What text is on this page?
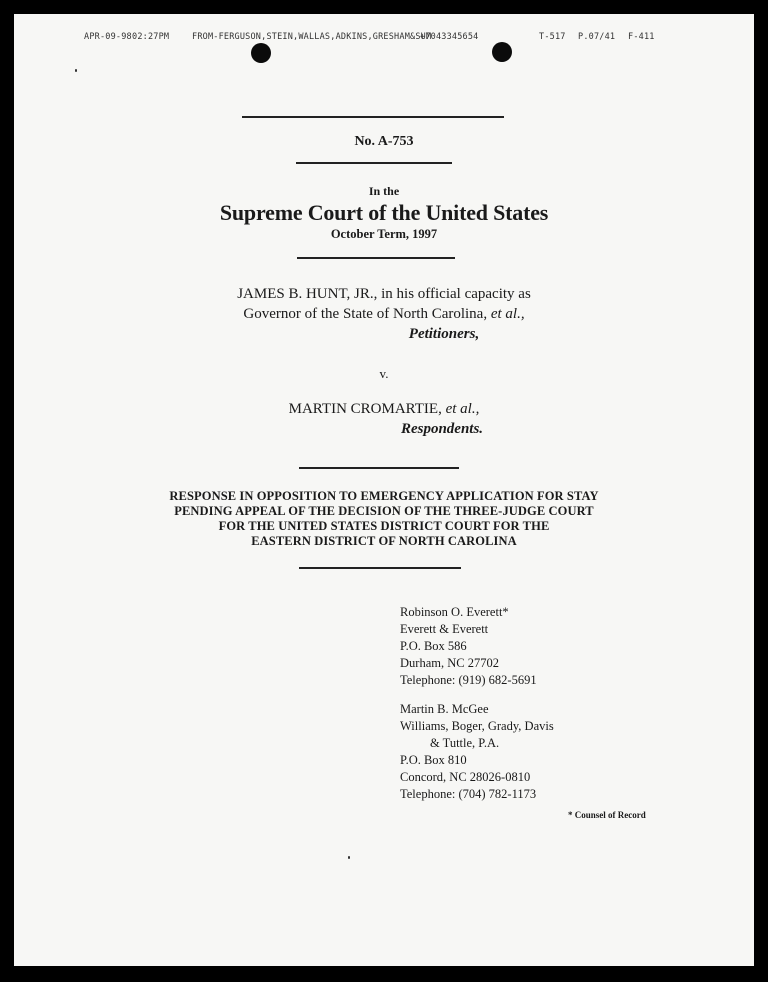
APR-09-98 02:27PM	FROM-FERGUSON,STEIN,WALLAS,ADKINS,GRESHAM&SUM
+7043345654	T-517 P.07/41 F-411
No. A-753
In the
Supreme Court of the United States
October Term, 1997
JAMES B. HUNT, JR., in his official capacity as
Governor of the State of North Carolina, et al.,
Petitioners,
v.
MARTIN CROMARTIE, et al.,
Respondents.
RESPONSE IN OPPOSITION TO EMERGENCY APPLICATION FOR STAY
PENDING APPEAL OF THE DECISION OF THE THREE-JUDGE COURT
FOR THE UNITED STATES DISTRICT COURT FOR THE
EASTERN DISTRICT OF NORTH CAROLINA
Robinson O. Everett*
Everett & Everett
P.O. Box 586
Durham, NC 27702
Telephone: (919) 682-5691
Martin B. McGee
Williams, Boger, Grady, Davis
& Tuttle, P.A.
P.O. Box 810
Concord, NC 28026-0810
Telephone: (704) 782-1173
* Counsel of Record
